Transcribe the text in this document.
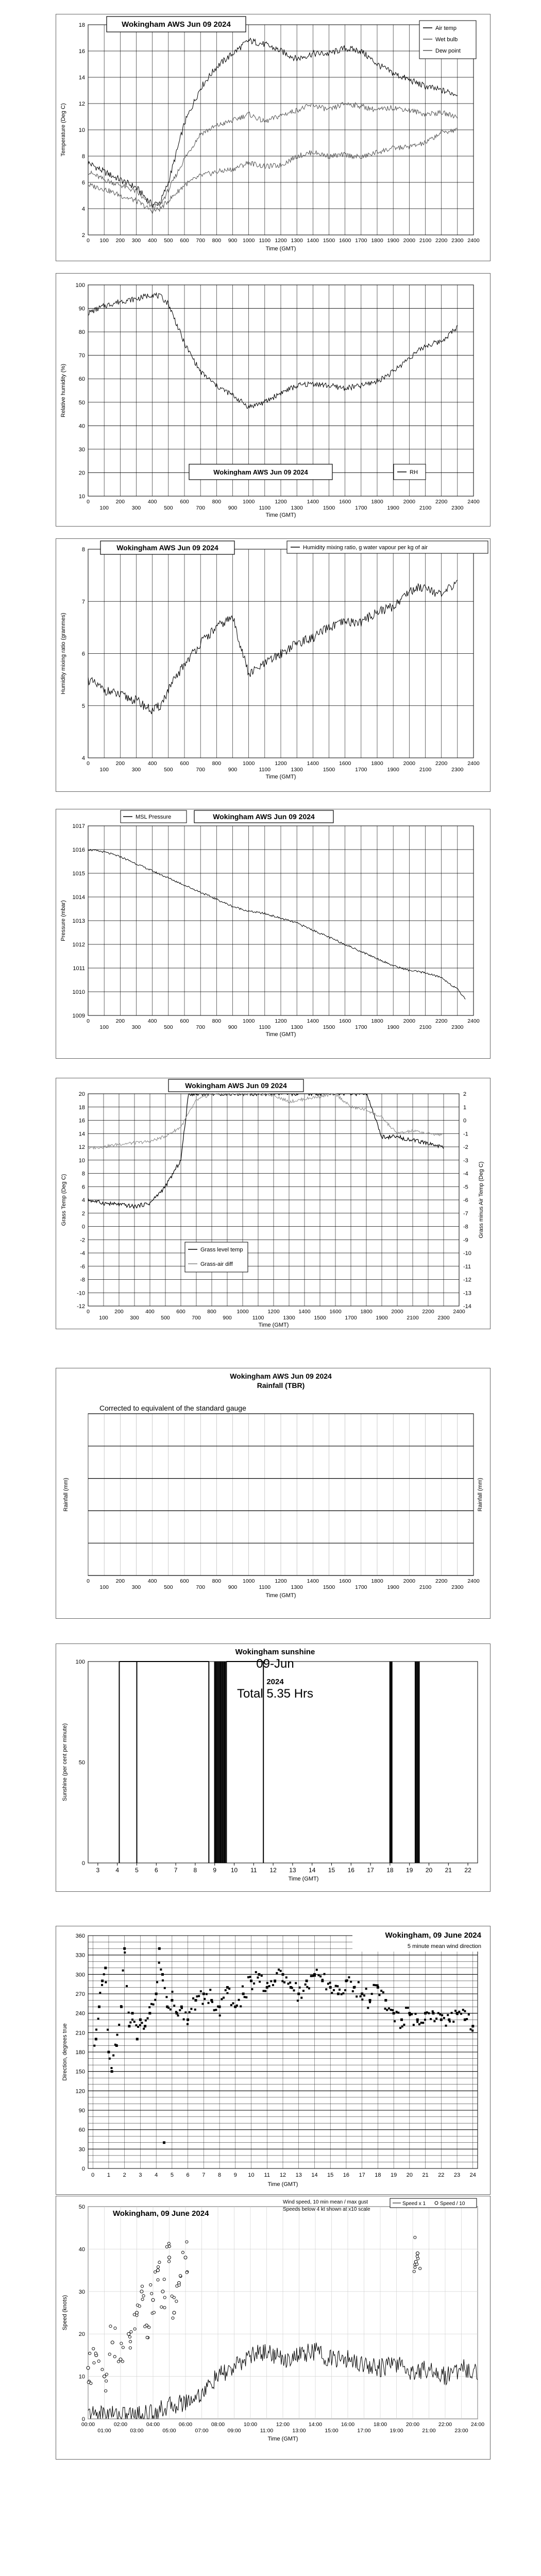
2
4
6
8
10
12
14
16
18
0 100 200 300 400 500 600 700 800 900 1000 1100 1200 1300 1400 1500 1600 1700 1800 1900 2000 2100 2200 2300 2400
Time (GMT)
Temperature (Deg C)
Wokingham AWS Jun 09 2024	Air temp
Wet bulb
Dew point
10
20
30
40
50
60
70
80
90
100
0
100
200
300
400
500
600
700
800
900
1000
1100
1200
1300
1400
1500
1600
1700
1800
1900
2000
2100
2200
2300
2400
Time (GMT)
Relative humidity (%)
Wokingham AWS Jun 09 2024	RH
4
5
6
7
8
0
100
200
300
400
500
600
700
800
900
1000
1100
1200
1300
1400
1500
1600
1700
1800
1900
2000
2100
2200
2300
2400
Time (GMT)
Humidity mixing ratio (grammes)
Wokingham AWS Jun 09 2024	Humidity mixing ratio, g water vapour per kg of air
1009
1010
1011
1012
1013
1014
1015
1016
1017
0
100
200
300
400
500
600
700
800
900
1000
1100
1200
1300
1400
1500
1600
1700
1800
1900
2000
2100
2200
2300
2400
Time (GMT)
Pressure (mbar)
MSL Pressure	Wokingham AWS Jun 09 2024
-12
-10
-8
-6
-4
-2
0
2
4
6
8
10
12
14
16
18
20
0
100
200
300
400
500
600
700
800
900
1000
1100
1200
1300
1400
1500
1600
1700
1800
1900
2000
2100
2200
2300
2400
Time (GMT)
Grass Temp (Deg C)
-14
-13
-12
-11
-10
-9
-8
-7
-6
-5
-4
-3
-2
-1
0
1
2
Grass minus Air Temp (Deg C)
Wokingham AWS Jun 09 2024
Grass level temp
Grass-air diff
0
100
200
300
400
500
600
700
800
900
1000
1100
1200
1300
1400
1500
1600
1700
1800
1900
2000
2100
2200
2300
2400
Time (GMT)
Wokingham AWS Jun 09 2024
Rainfall (TBR)
Corrected to equivalent of the standard gauge
Rainfall (mm)	Rainfall (mm)
0
50
100
3	4	5	6	7	8	9 10 11 12 13 14 15 16 17 18 19 20 21 22
Time (GMT)
Sunshine (per cent per minute)
Wokingham sunshine
09-Jun
2024
Total 5.35 Hrs
0
30
60
90
120
150
180
210
240
270
300
330
360
0 1 2 3 4 5 6 7 8 9 10 11 12 13 14 15 16 17 18 19 20 21 22 23 24
Time (GMT)
Direction, degrees true
Wokingham, 09 June 2024
5 minute mean wind direction
0
10
20
30
40
50
00:00
01:00
02:00
03:00
04:00
05:00
06:00
07:00
08:00
09:00
10:00
11:00
12:00
13:00
14:00
15:00
16:00
17:00
18:00
19:00
20:00
21:00
22:00
23:00
24:00
Time (GMT)
Speed (knots)
Wokingham, 09 June 2024
Wind speed, 10 min mean / max gust
Speeds below 4 kt shown at x10 scale
Speed x 1	Speed / 10
